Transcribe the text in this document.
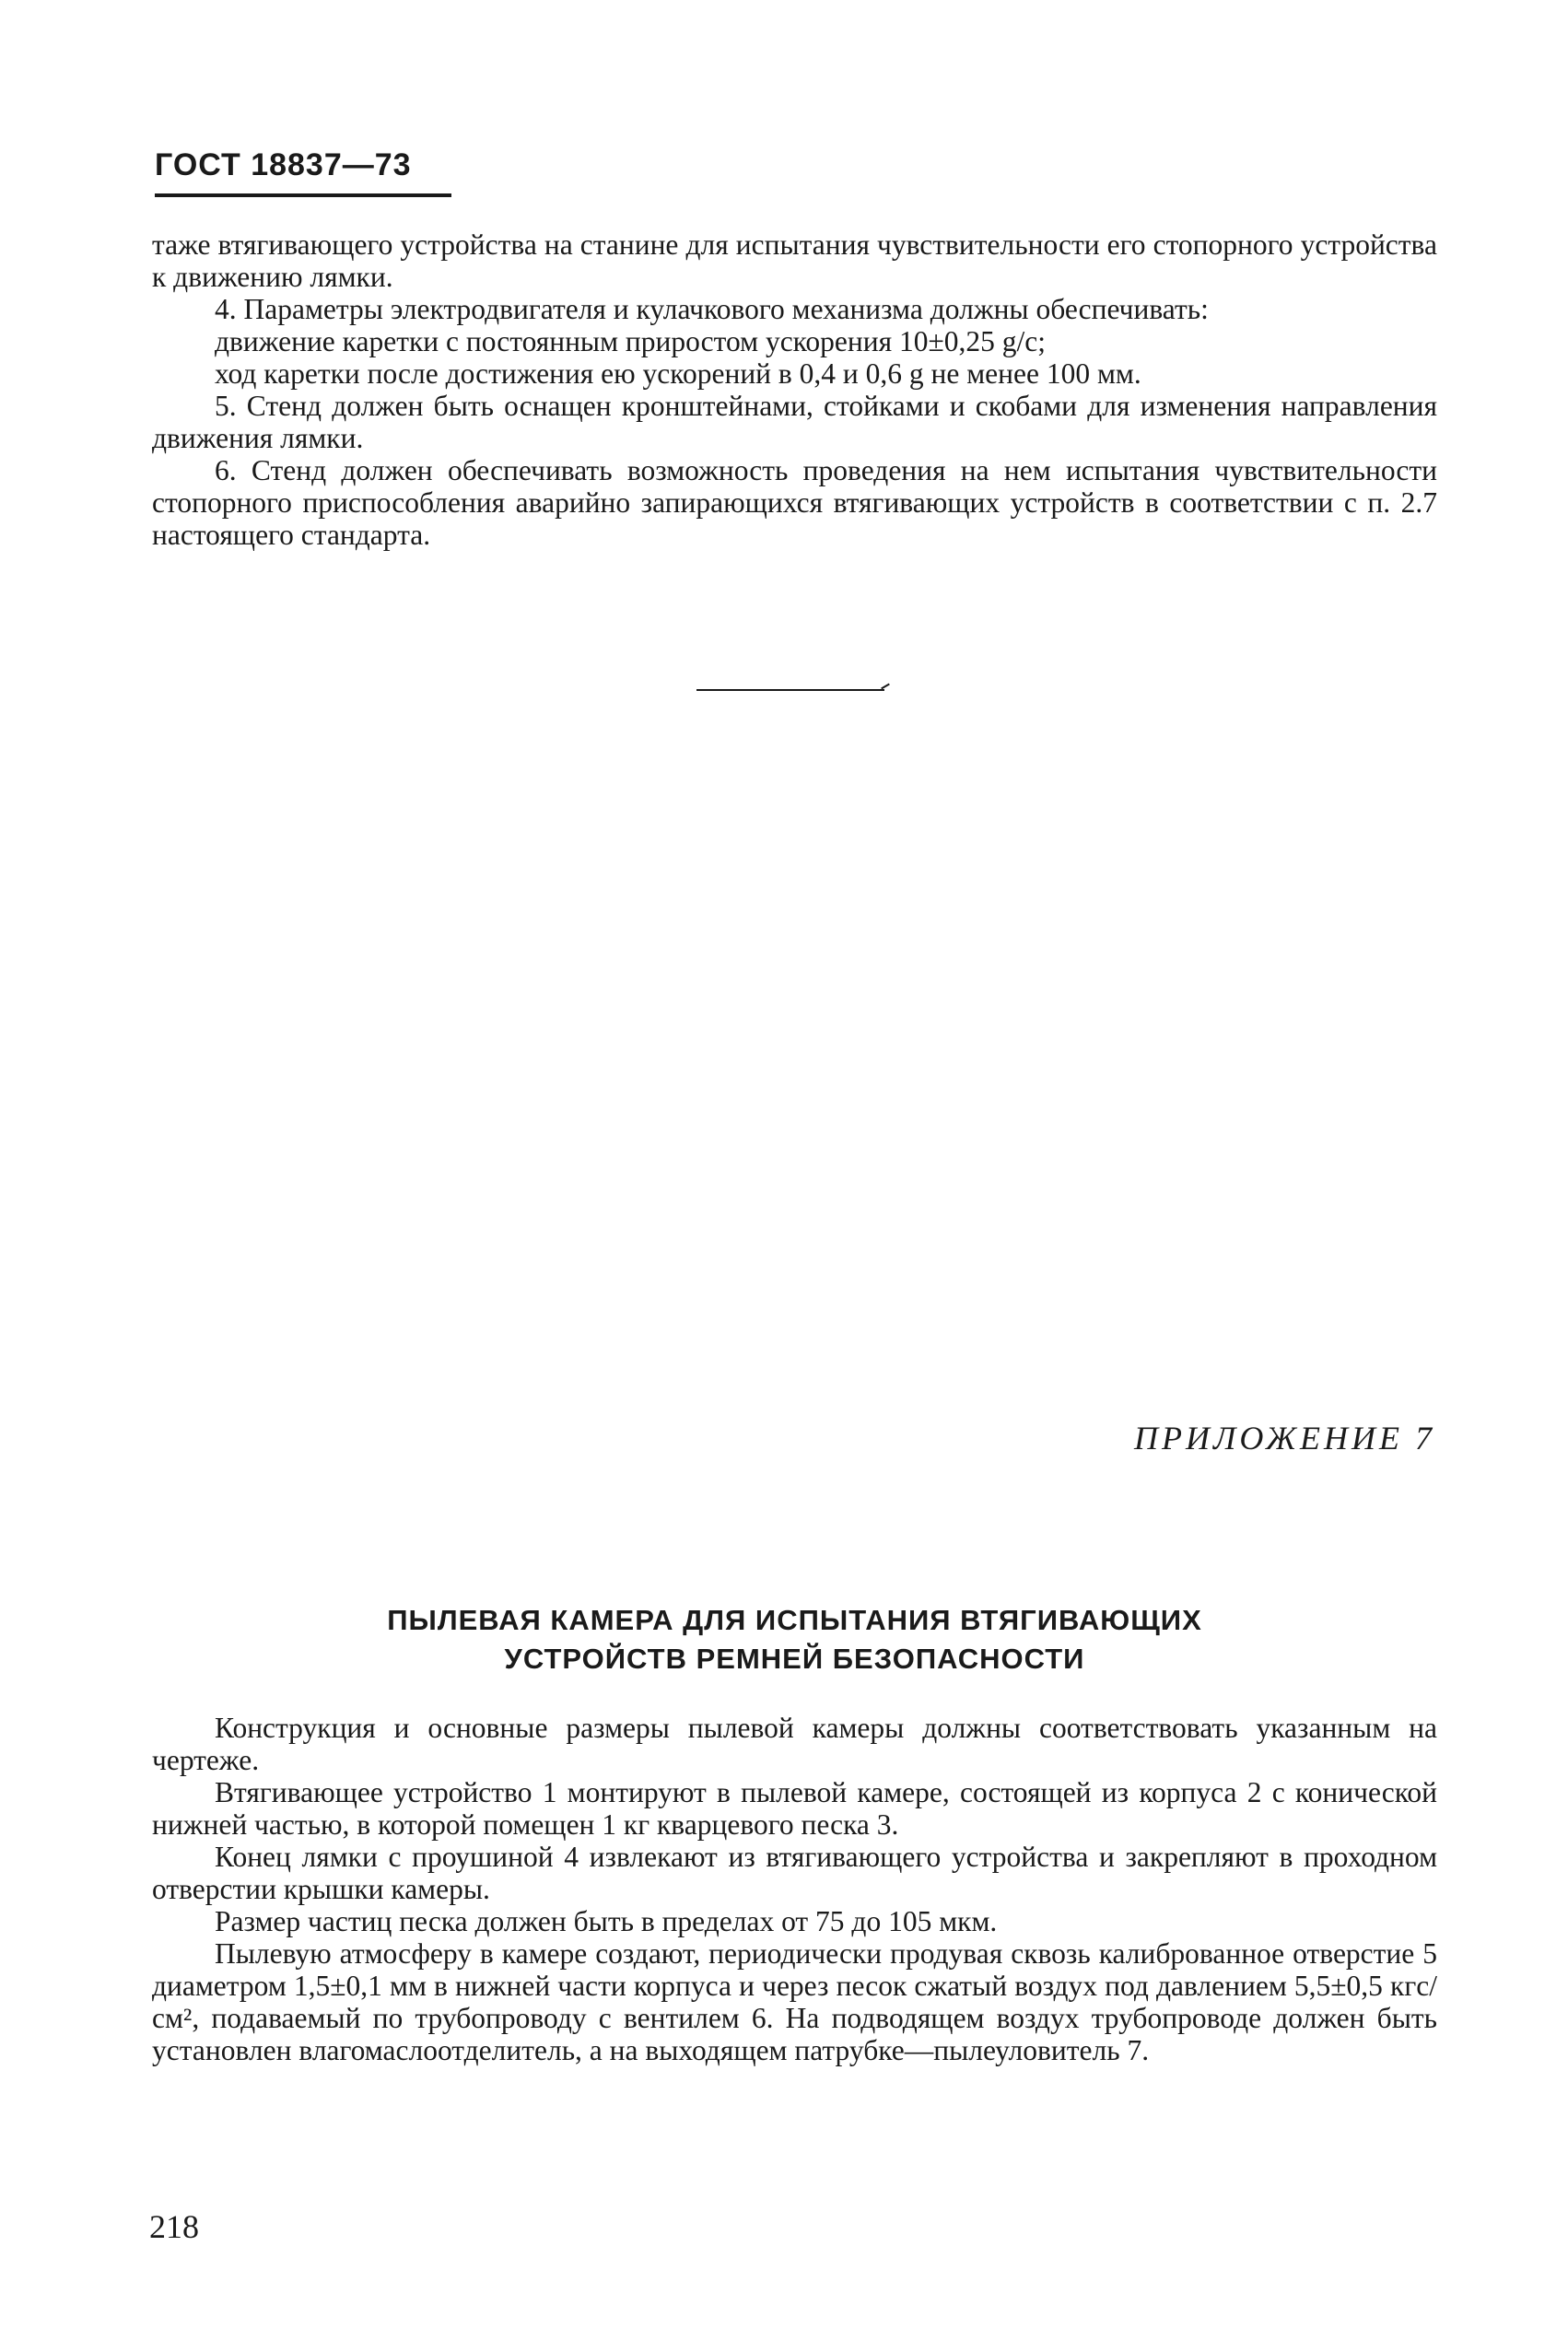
ГОСТ 18837—73

таже втягивающего устройства на станине для испытания чувствительности его стопорного устройства к движению лямки.

4. Параметры электродвигателя и кулачкового механизма должны обеспечивать:

движение каретки с постоянным приростом ускорения 10±0,25 g/c;

ход каретки после достижения ею ускорений в 0,4 и 0,6 g не менее 100 мм.

5. Стенд должен быть оснащен кронштейнами, стойками и скобами для изменения направления движения лямки.

6. Стенд должен обеспечивать возможность проведения на нем испытания чувствительности стопорного приспособления аварийно запирающихся втягивающих устройств в соответствии с п. 2.7 настоящего стандарта.

ПРИЛОЖЕНИЕ 7
ПЫЛЕВАЯ КАМЕРА ДЛЯ ИСПЫТАНИЯ ВТЯГИВАЮЩИХ
УСТРОЙСТВ РЕМНЕЙ БЕЗОПАСНОСТИ

Конструкция и основные размеры пылевой камеры должны соответствовать указанным на чертеже.

Втягивающее устройство 1 монтируют в пылевой камере, состоящей из корпуса 2 с конической нижней частью, в которой помещен 1 кг кварцевого песка 3.

Конец лямки с проушиной 4 извлекают из втягивающего устройства и закрепляют в проходном отверстии крышки камеры.

Размер частиц песка должен быть в пределах от 75 до 105 мкм.

Пылевую атмосферу в камере создают, периодически продувая сквозь калиброванное отверстие 5 диаметром 1,5±0,1 мм в нижней части корпуса и через песок сжатый воздух под давлением 5,5±0,5 кгс/см², подаваемый по трубопроводу с вентилем 6. На подводящем воздух трубопроводе должен быть установлен влагомаслоотделитель, а на выходящем патрубке—пылеуловитель 7.

218
